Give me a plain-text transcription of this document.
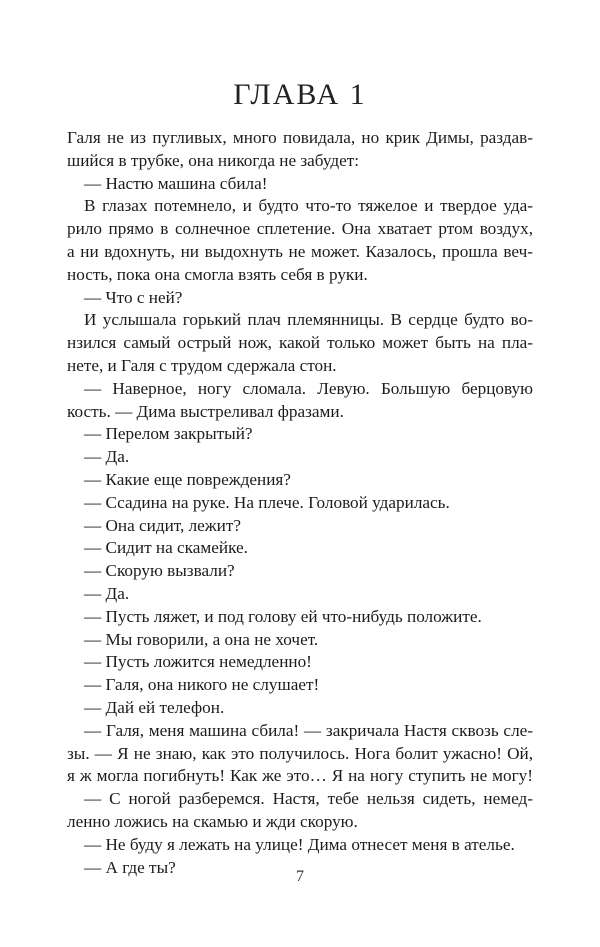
ГЛАВА 1
Галя не из пугливых, много повидала, но крик Димы, раздав-
шийся в трубке, она никогда не забудет:
— Настю машина сбила!
В глазах потемнело, и будто что-то тяжелое и твердое уда-
рило прямо в солнечное сплетение. Она хватает ртом воздух,
а ни вдохнуть, ни выдохнуть не может. Казалось, прошла веч-
ность, пока она смогла взять себя в руки.
— Что с ней?
И услышала горький плач племянницы. В сердце будто во-
нзился самый острый нож, какой только может быть на пла-
нете, и Галя с трудом сдержала стон.
— Наверное, ногу сломала. Левую. Большую берцовую
кость. — Дима выстреливал фразами.
— Перелом закрытый?
— Да.
— Какие еще повреждения?
— Ссадина на руке. На плече. Головой ударилась.
— Она сидит, лежит?
— Сидит на скамейке.
— Скорую вызвали?
— Да.
— Пусть ляжет, и под голову ей что-нибудь положите.
— Мы говорили, а она не хочет.
— Пусть ложится немедленно!
— Галя, она никого не слушает!
— Дай ей телефон.
— Галя, меня машина сбила! — закричала Настя сквозь сле-
зы. — Я не знаю, как это получилось. Нога болит ужасно! Ой,
я ж могла погибнуть! Как же это… Я на ногу ступить не могу!
— С ногой разберемся. Настя, тебе нельзя сидеть, немед-
ленно ложись на скамью и жди скорую.
— Не буду я лежать на улице! Дима отнесет меня в ателье.
— А где ты?	7
